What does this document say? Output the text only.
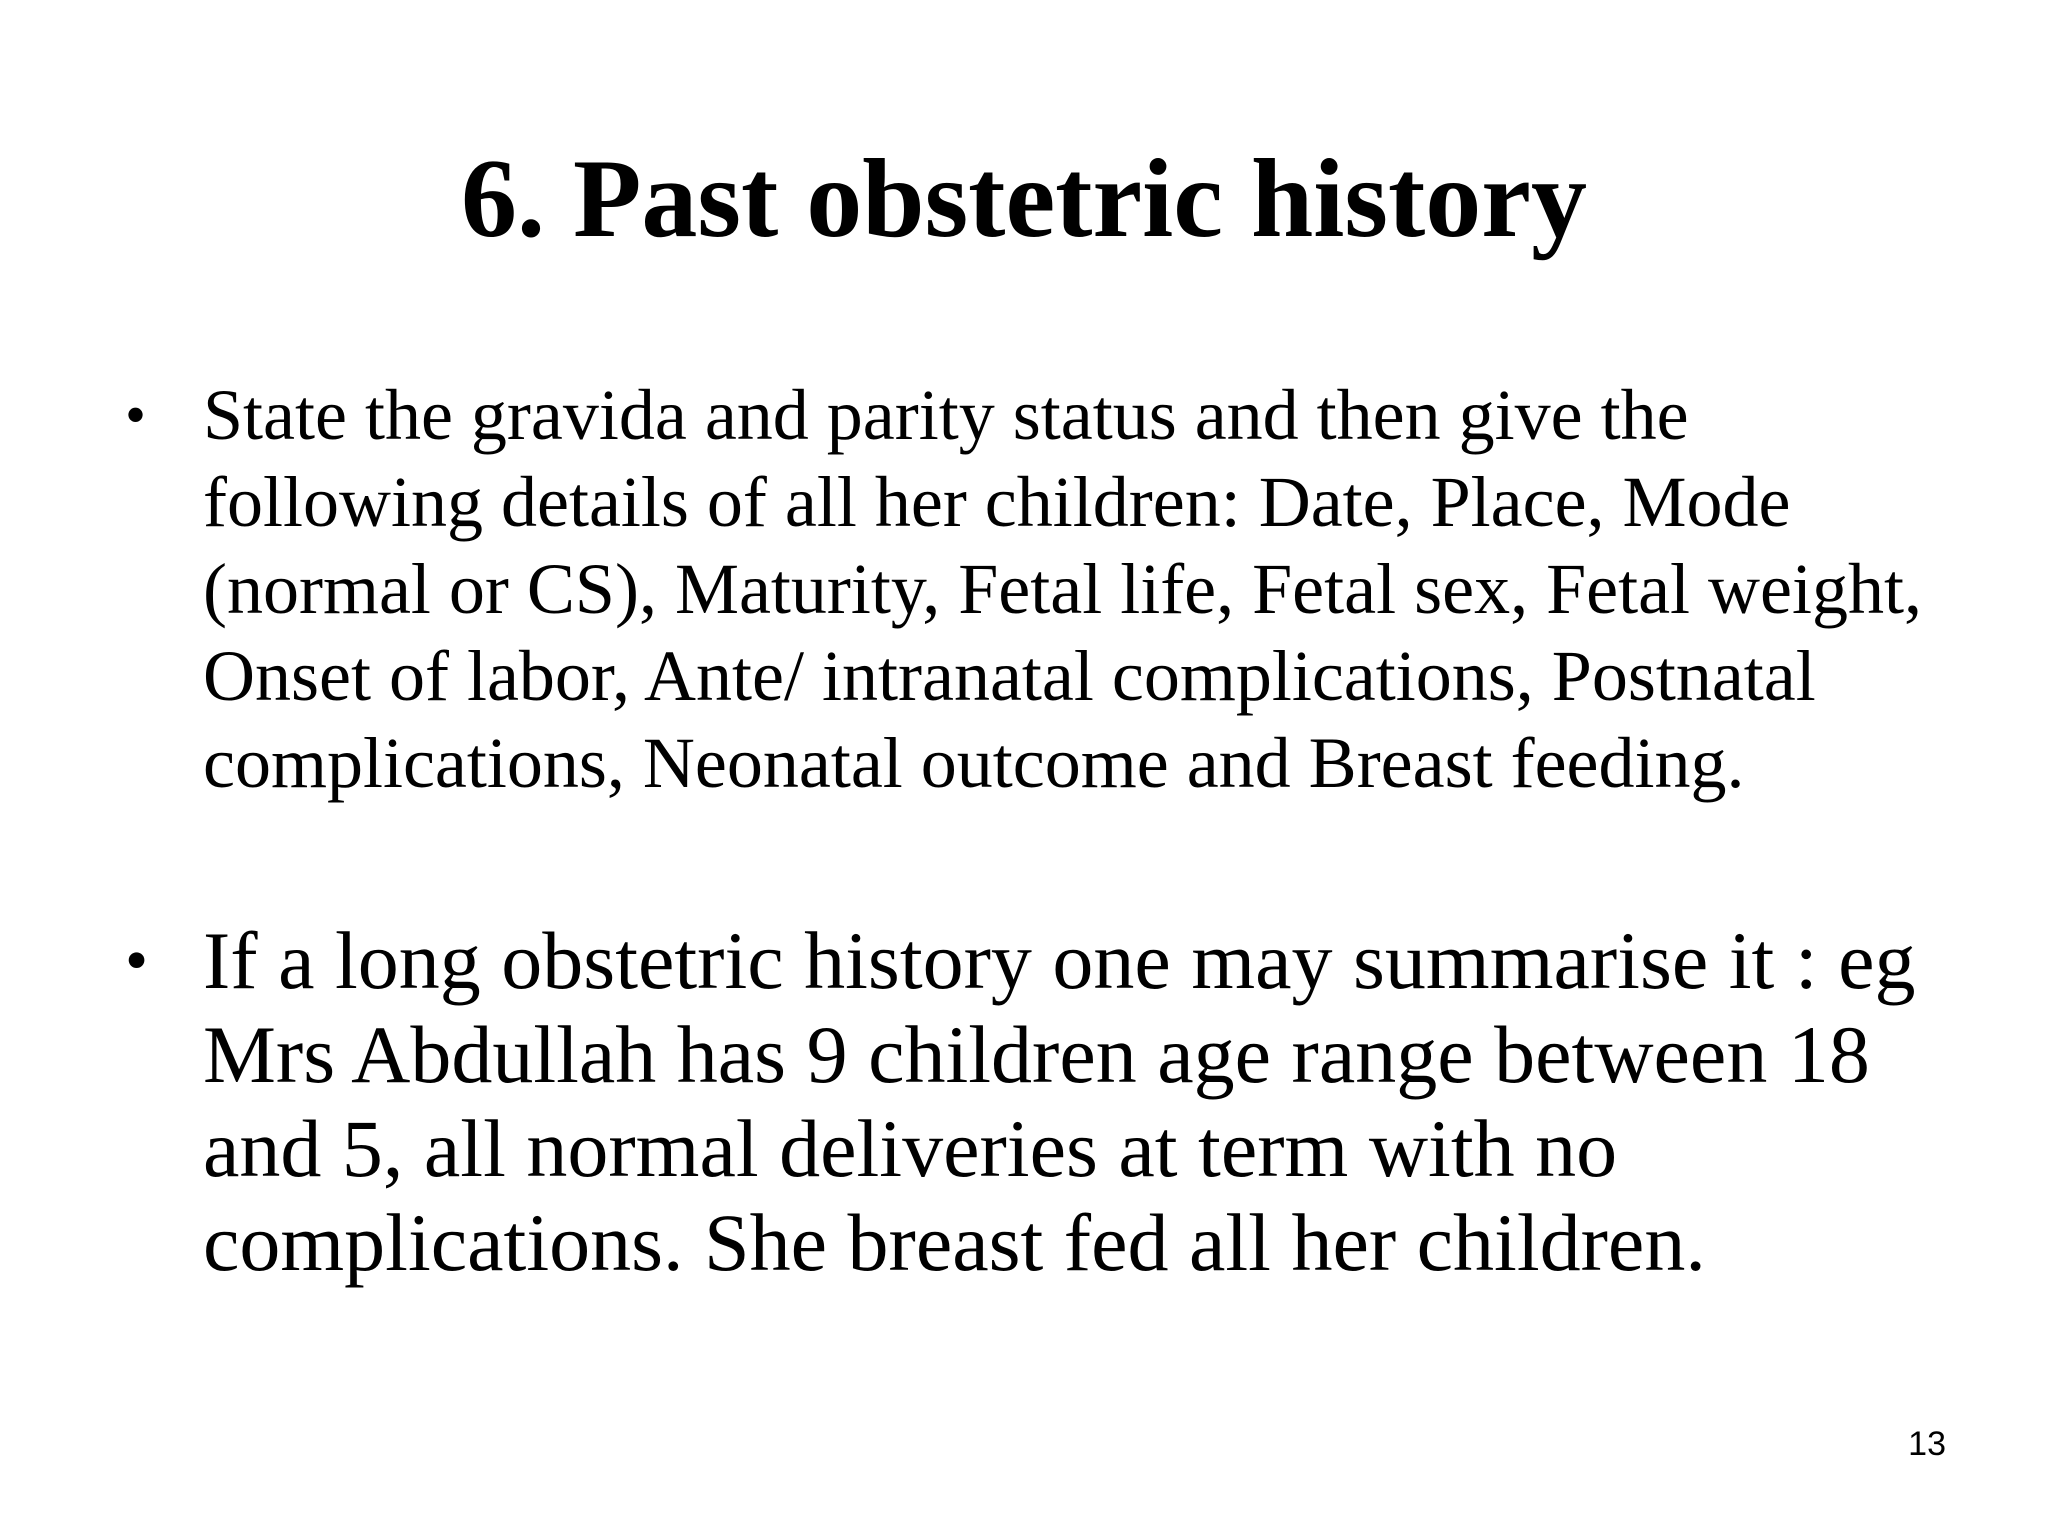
6. Past obstetric history
• State the gravida and parity status and then give the following details of all her children: Date, Place, Mode (normal or CS), Maturity, Fetal life, Fetal sex, Fetal weight, Onset of labor, Ante/ intranatal complications, Postnatal complications, Neonatal outcome and Breast feeding.
• If a long obstetric history one may summarise it : eg Mrs Abdullah has 9 children age range between 18 and 5, all normal deliveries at term with no complications. She breast fed all her children.
13
